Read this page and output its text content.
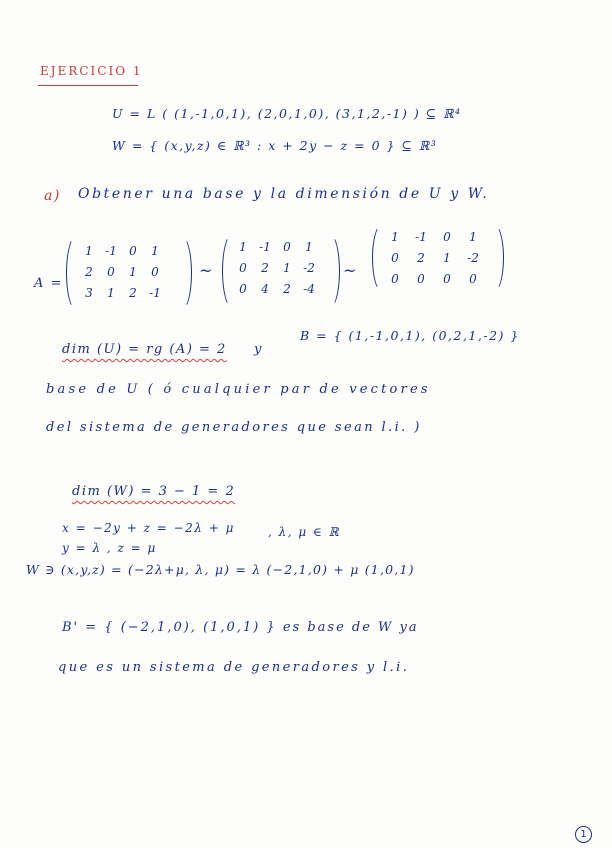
EJERCICIO 1
U = L ( (1,-1,0,1), (2,0,1,0), (3,1,2,-1) ) ⊆ ℝ⁴
W = { (x,y,z) ∈ ℝ³ : x + 2y − z = 0 } ⊆ ℝ³
a) Obtener una base y la dimensión de U y W.
A =
1	-1	0	1
2	0	1	0
3	1	2	-1
~
1	-1	0	1
0	2	1	-2
0	4	2	-4
~
1	-1	0	1
0	2	1	-2
0	0	0	0
dim (U) = rg (A) = 2 y
B = { (1,-1,0,1), (0,2,1,-2) }
base de U ( ó cualquier par de vectores
del sistema de generadores que sean l.i. )
dim (W) = 3 − 1 = 2
x = −2y + z = −2λ + μ	, λ, μ ∈ ℝ
y = λ , z = μ
W ∋ (x,y,z) = (−2λ+μ, λ, μ) = λ (−2,1,0) + μ (1,0,1)
B' = { (−2,1,0), (1,0,1) } es base de W ya
que es un sistema de generadores y l.i.
1
